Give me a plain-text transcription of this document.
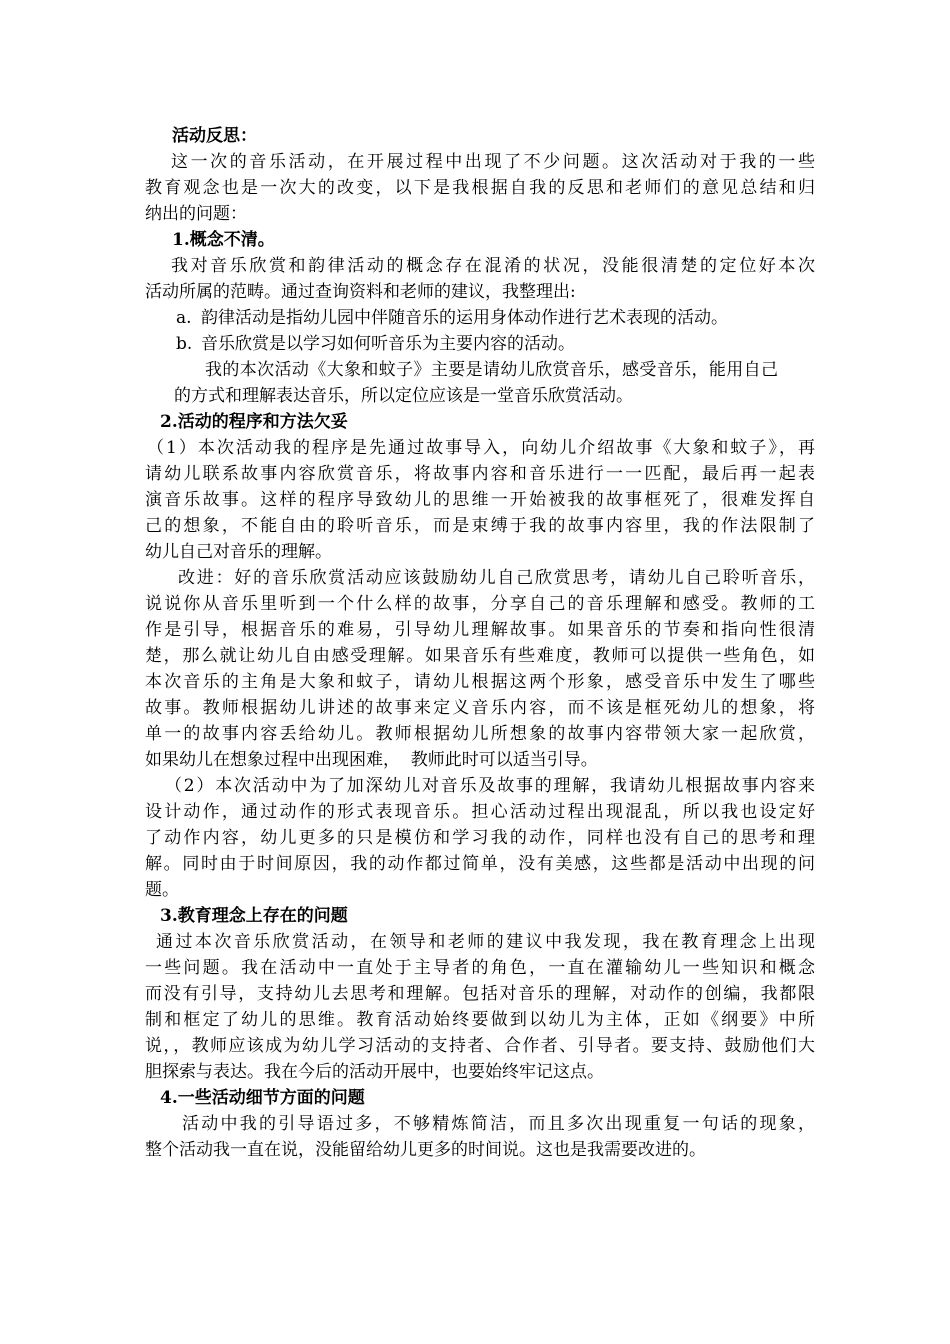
活动反思：
这一次的音乐活动，在开展过程中出现了不少问题。这次活动对于我的一些
教育观念也是一次大的改变，以下是我根据自我的反思和老师们的意见总结和归
纳出的问题：
1.概念不清。
我对音乐欣赏和韵律活动的概念存在混淆的状况，没能很清楚的定位好本次
活动所属的范畴。通过查询资料和老师的建议，我整理出:
a. 韵律活动是指幼儿园中伴随音乐的运用身体动作进行艺术表现的活动。
b. 音乐欣赏是以学习如何听音乐为主要内容的活动。
我的本次活动《大象和蚊子》主要是请幼儿欣赏音乐，感受音乐，能用自己
的方式和理解表达音乐，所以定位应该是一堂音乐欣赏活动。
2.活动的程序和方法欠妥
（1）本次活动我的程序是先通过故事导入，向幼儿介绍故事《大象和蚊子》，再
请幼儿联系故事内容欣赏音乐，将故事内容和音乐进行一一匹配，最后再一起表
演音乐故事。这样的程序导致幼儿的思维一开始被我的故事框死了，很难发挥自
己的想象，不能自由的聆听音乐，而是束缚于我的故事内容里，我的作法限制了
幼儿自己对音乐的理解。
改进：好的音乐欣赏活动应该鼓励幼儿自己欣赏思考，请幼儿自己聆听音乐，
说说你从音乐里听到一个什么样的故事，分享自己的音乐理解和感受。教师的工
作是引导，根据音乐的难易，引导幼儿理解故事。如果音乐的节奏和指向性很清
楚，那么就让幼儿自由感受理解。如果音乐有些难度，教师可以提供一些角色，如
本次音乐的主角是大象和蚊子，请幼儿根据这两个形象，感受音乐中发生了哪些
故事。教师根据幼儿讲述的故事来定义音乐内容，而不该是框死幼儿的想象，将
单一的故事内容丢给幼儿。教师根据幼儿所想象的故事内容带领大家一起欣赏，
如果幼儿在想象过程中出现困难，  教师此时可以适当引导。
（2）本次活动中为了加深幼儿对音乐及故事的理解，我请幼儿根据故事内容来
设计动作，通过动作的形式表现音乐。担心活动过程出现混乱，所以我也设定好
了动作内容，幼儿更多的只是模仿和学习我的动作，同样也没有自己的思考和理
解。同时由于时间原因，我的动作都过简单，没有美感，这些都是活动中出现的问
题。
3.教育理念上存在的问题
通过本次音乐欣赏活动，在领导和老师的建议中我发现，我在教育理念上出现
一些问题。我在活动中一直处于主导者的角色，一直在灌输幼儿一些知识和概念
而没有引导，支持幼儿去思考和理解。包括对音乐的理解，对动作的创编，我都限
制和框定了幼儿的思维。教育活动始终要做到以幼儿为主体，正如《纲要》中所
说，，教师应该成为幼儿学习活动的支持者、合作者、引导者。要支持、鼓励他们大
胆探索与表达。我在今后的活动开展中，也要始终牢记这点。
4.一些活动细节方面的问题
活动中我的引导语过多，不够精炼简洁，而且多次出现重复一句话的现象，
整个活动我一直在说，没能留给幼儿更多的时间说。这也是我需要改进的。
